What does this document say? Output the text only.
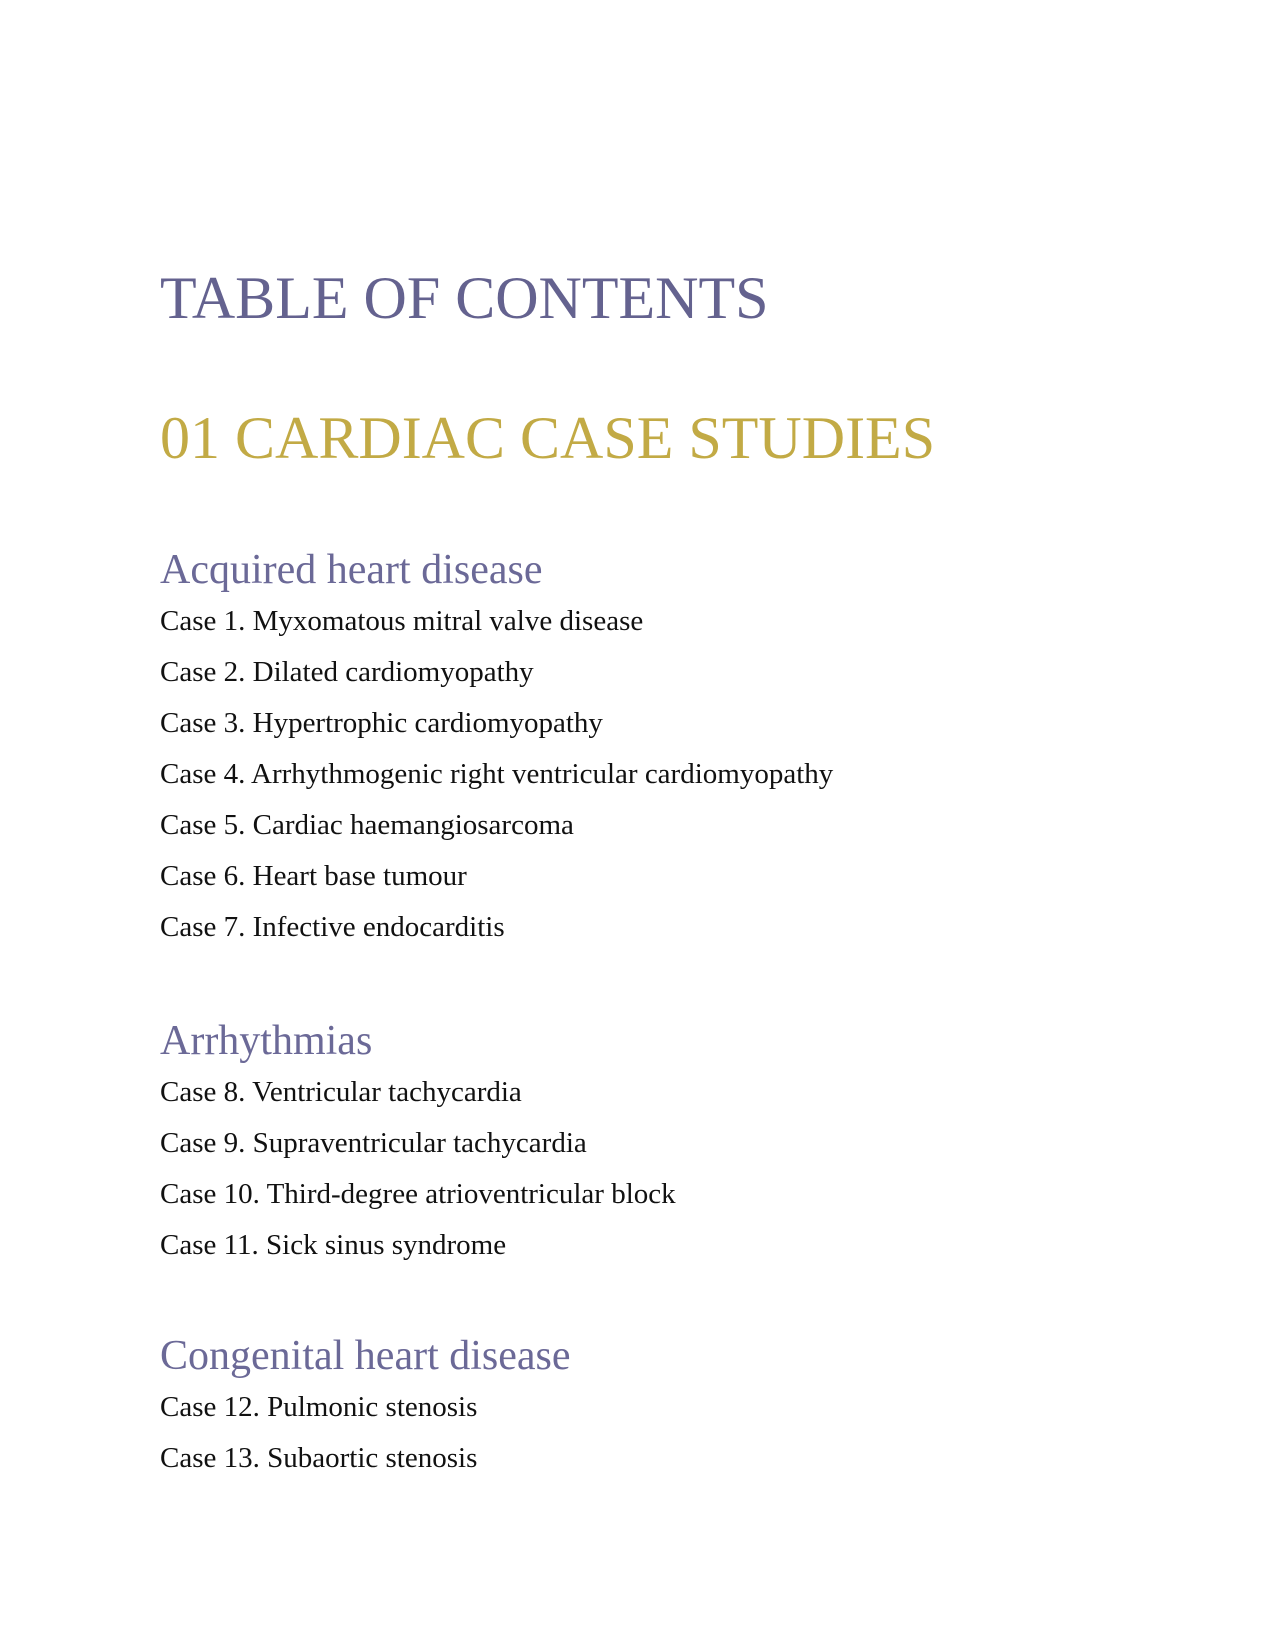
TABLE OF CONTENTS
01 CARDIAC CASE STUDIES
Acquired heart disease
Case 1. Myxomatous mitral valve disease
Case 2. Dilated cardiomyopathy
Case 3. Hypertrophic cardiomyopathy
Case 4. Arrhythmogenic right ventricular cardiomyopathy
Case 5. Cardiac haemangiosarcoma
Case 6. Heart base tumour
Case 7. Infective endocarditis
Arrhythmias
Case 8. Ventricular tachycardia
Case 9. Supraventricular tachycardia
Case 10. Third-degree atrioventricular block
Case 11. Sick sinus syndrome
Congenital heart disease
Case 12. Pulmonic stenosis
Case 13. Subaortic stenosis
